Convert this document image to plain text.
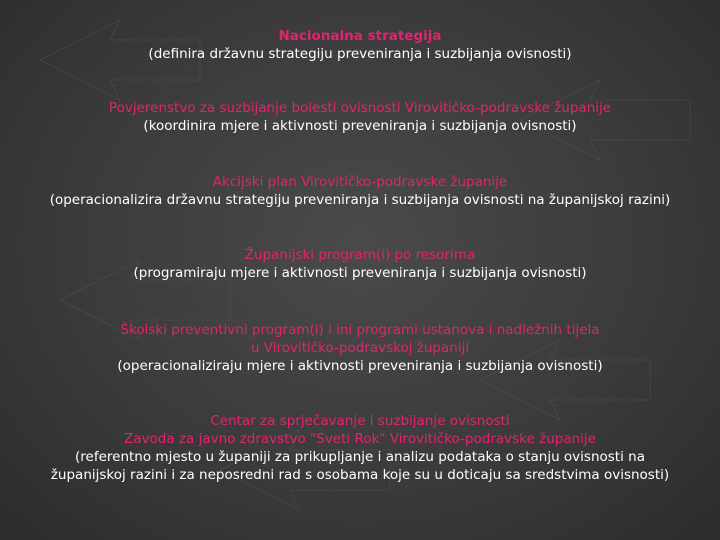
Nacionalna strategija
(definira državnu strategiju preveniranja i suzbijanja ovisnosti)
Povjerenstvo za suzbijanje bolesti ovisnosti Virovitičko-podravske županije
(koordinira mjere i aktivnosti preveniranja i suzbijanja ovisnosti)
Akcijski plan Virovitičko-podravske županije
(operacionalizira državnu strategiju preveniranja i suzbijanja ovisnosti na županijskoj razini)
Županijski program(i) po resorima
(programiraju mjere i aktivnosti preveniranja i suzbijanja ovisnosti)
Školski preventivni program(i) i ini programi ustanova i nadležnih tijela
u Virovitičko-podravskoj županiji
(operacionaliziraju mjere i aktivnosti preveniranja i suzbijanja ovisnosti)
Centar za sprječavanje i suzbijanje ovisnosti
Zavoda za javno zdravstvo "Sveti Rok" Virovitičko-podravske županije
(referentno mjesto u županiji za prikupljanje i analizu podataka o stanju ovisnosti na
županijskoj razini i za neposredni rad s osobama koje su u doticaju sa sredstvima ovisnosti)
